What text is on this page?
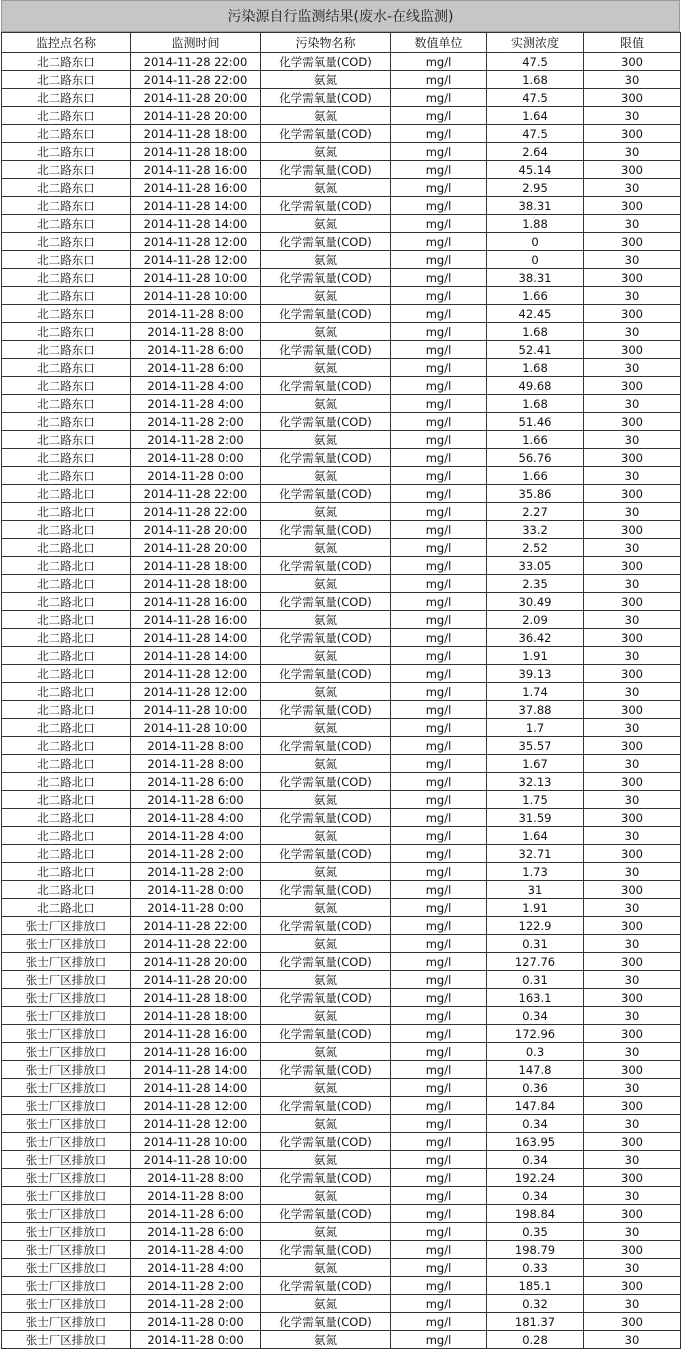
污染源自行监测结果(废水-在线监测)
监控点名称	监测时间	污染物名称	数值单位	实测浓度	限值
北二路东口	2014-11-28 22:00	化学需氧量(COD)	mg/l	47.5	300
北二路东口	2014-11-28 22:00	氨氮	mg/l	1.68	30
北二路东口	2014-11-28 20:00	化学需氧量(COD)	mg/l	47.5	300
北二路东口	2014-11-28 20:00	氨氮	mg/l	1.64	30
北二路东口	2014-11-28 18:00	化学需氧量(COD)	mg/l	47.5	300
北二路东口	2014-11-28 18:00	氨氮	mg/l	2.64	30
北二路东口	2014-11-28 16:00	化学需氧量(COD)	mg/l	45.14	300
北二路东口	2014-11-28 16:00	氨氮	mg/l	2.95	30
北二路东口	2014-11-28 14:00	化学需氧量(COD)	mg/l	38.31	300
北二路东口	2014-11-28 14:00	氨氮	mg/l	1.88	30
北二路东口	2014-11-28 12:00	化学需氧量(COD)	mg/l	0	300
北二路东口	2014-11-28 12:00	氨氮	mg/l	0	30
北二路东口	2014-11-28 10:00	化学需氧量(COD)	mg/l	38.31	300
北二路东口	2014-11-28 10:00	氨氮	mg/l	1.66	30
北二路东口	2014-11-28 8:00	化学需氧量(COD)	mg/l	42.45	300
北二路东口	2014-11-28 8:00	氨氮	mg/l	1.68	30
北二路东口	2014-11-28 6:00	化学需氧量(COD)	mg/l	52.41	300
北二路东口	2014-11-28 6:00	氨氮	mg/l	1.68	30
北二路东口	2014-11-28 4:00	化学需氧量(COD)	mg/l	49.68	300
北二路东口	2014-11-28 4:00	氨氮	mg/l	1.68	30
北二路东口	2014-11-28 2:00	化学需氧量(COD)	mg/l	51.46	300
北二路东口	2014-11-28 2:00	氨氮	mg/l	1.66	30
北二路东口	2014-11-28 0:00	化学需氧量(COD)	mg/l	56.76	300
北二路东口	2014-11-28 0:00	氨氮	mg/l	1.66	30
北二路北口	2014-11-28 22:00	化学需氧量(COD)	mg/l	35.86	300
北二路北口	2014-11-28 22:00	氨氮	mg/l	2.27	30
北二路北口	2014-11-28 20:00	化学需氧量(COD)	mg/l	33.2	300
北二路北口	2014-11-28 20:00	氨氮	mg/l	2.52	30
北二路北口	2014-11-28 18:00	化学需氧量(COD)	mg/l	33.05	300
北二路北口	2014-11-28 18:00	氨氮	mg/l	2.35	30
北二路北口	2014-11-28 16:00	化学需氧量(COD)	mg/l	30.49	300
北二路北口	2014-11-28 16:00	氨氮	mg/l	2.09	30
北二路北口	2014-11-28 14:00	化学需氧量(COD)	mg/l	36.42	300
北二路北口	2014-11-28 14:00	氨氮	mg/l	1.91	30
北二路北口	2014-11-28 12:00	化学需氧量(COD)	mg/l	39.13	300
北二路北口	2014-11-28 12:00	氨氮	mg/l	1.74	30
北二路北口	2014-11-28 10:00	化学需氧量(COD)	mg/l	37.88	300
北二路北口	2014-11-28 10:00	氨氮	mg/l	1.7	30
北二路北口	2014-11-28 8:00	化学需氧量(COD)	mg/l	35.57	300
北二路北口	2014-11-28 8:00	氨氮	mg/l	1.67	30
北二路北口	2014-11-28 6:00	化学需氧量(COD)	mg/l	32.13	300
北二路北口	2014-11-28 6:00	氨氮	mg/l	1.75	30
北二路北口	2014-11-28 4:00	化学需氧量(COD)	mg/l	31.59	300
北二路北口	2014-11-28 4:00	氨氮	mg/l	1.64	30
北二路北口	2014-11-28 2:00	化学需氧量(COD)	mg/l	32.71	300
北二路北口	2014-11-28 2:00	氨氮	mg/l	1.73	30
北二路北口	2014-11-28 0:00	化学需氧量(COD)	mg/l	31	300
北二路北口	2014-11-28 0:00	氨氮	mg/l	1.91	30
张士厂区排放口	2014-11-28 22:00	化学需氧量(COD)	mg/l	122.9	300
张士厂区排放口	2014-11-28 22:00	氨氮	mg/l	0.31	30
张士厂区排放口	2014-11-28 20:00	化学需氧量(COD)	mg/l	127.76	300
张士厂区排放口	2014-11-28 20:00	氨氮	mg/l	0.31	30
张士厂区排放口	2014-11-28 18:00	化学需氧量(COD)	mg/l	163.1	300
张士厂区排放口	2014-11-28 18:00	氨氮	mg/l	0.34	30
张士厂区排放口	2014-11-28 16:00	化学需氧量(COD)	mg/l	172.96	300
张士厂区排放口	2014-11-28 16:00	氨氮	mg/l	0.3	30
张士厂区排放口	2014-11-28 14:00	化学需氧量(COD)	mg/l	147.8	300
张士厂区排放口	2014-11-28 14:00	氨氮	mg/l	0.36	30
张士厂区排放口	2014-11-28 12:00	化学需氧量(COD)	mg/l	147.84	300
张士厂区排放口	2014-11-28 12:00	氨氮	mg/l	0.34	30
张士厂区排放口	2014-11-28 10:00	化学需氧量(COD)	mg/l	163.95	300
张士厂区排放口	2014-11-28 10:00	氨氮	mg/l	0.34	30
张士厂区排放口	2014-11-28 8:00	化学需氧量(COD)	mg/l	192.24	300
张士厂区排放口	2014-11-28 8:00	氨氮	mg/l	0.34	30
张士厂区排放口	2014-11-28 6:00	化学需氧量(COD)	mg/l	198.84	300
张士厂区排放口	2014-11-28 6:00	氨氮	mg/l	0.35	30
张士厂区排放口	2014-11-28 4:00	化学需氧量(COD)	mg/l	198.79	300
张士厂区排放口	2014-11-28 4:00	氨氮	mg/l	0.33	30
张士厂区排放口	2014-11-28 2:00	化学需氧量(COD)	mg/l	185.1	300
张士厂区排放口	2014-11-28 2:00	氨氮	mg/l	0.32	30
张士厂区排放口	2014-11-28 0:00	化学需氧量(COD)	mg/l	181.37	300
张士厂区排放口	2014-11-28 0:00	氨氮	mg/l	0.28	30
